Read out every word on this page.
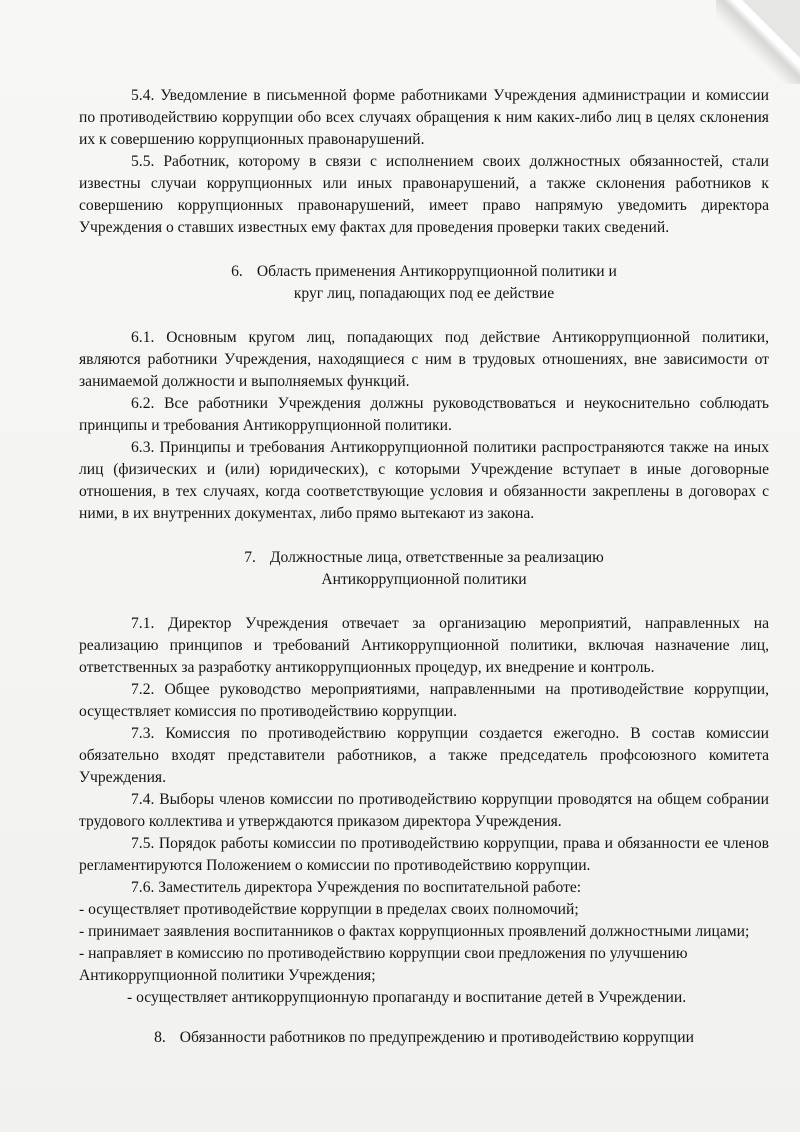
5.4. Уведомление в письменной форме работниками Учреждения администрации и комиссии по противодействию коррупции обо всех случаях обращения к ним каких-либо лиц в целях склонения их к совершению коррупционных правонарушений.

5.5. Работник, которому в связи с исполнением своих должностных обязанностей, стали известны случаи коррупционных или иных правонарушений, а также склонения работников к совершению коррупционных правонарушений, имеет право напрямую уведомить директора Учреждения о ставших известных ему фактах для проведения проверки таких сведений.

6. Область применения Антикоррупционной политики и
круг лиц, попадающих под ее действие

6.1. Основным кругом лиц, попадающих под действие Антикоррупционной политики, являются работники Учреждения, находящиеся с ним в трудовых отношениях, вне зависимости от занимаемой должности и выполняемых функций.

6.2. Все работники Учреждения должны руководствоваться и неукоснительно соблюдать принципы и требования Антикоррупционной политики.

6.3. Принципы и требования Антикоррупционной политики распространяются также на иных лиц (физических и (или) юридических), с которыми Учреждение вступает в иные договорные отношения, в тех случаях, когда соответствующие условия и обязанности закреплены в договорах с ними, в их внутренних документах, либо прямо вытекают из закона.

7. Должностные лица, ответственные за реализацию
Антикоррупционной политики

7.1. Директор Учреждения отвечает за организацию мероприятий, направленных на реализацию принципов и требований Антикоррупционной политики, включая назначение лиц, ответственных за разработку антикоррупционных процедур, их внедрение и контроль.

7.2. Общее руководство мероприятиями, направленными на противодействие коррупции, осуществляет комиссия по противодействию коррупции.

7.3. Комиссия по противодействию коррупции создается ежегодно. В состав комиссии обязательно входят представители работников, а также председатель профсоюзного комитета Учреждения.

7.4. Выборы членов комиссии по противодействию коррупции проводятся на общем собрании трудового коллектива и утверждаются приказом директора Учреждения.

7.5. Порядок работы комиссии по противодействию коррупции, права и обязанности ее членов регламентируются Положением о комиссии по противодействию коррупции.

7.6. Заместитель директора Учреждения по воспитательной работе:

- осуществляет противодействие коррупции в пределах своих полномочий;
- принимает заявления воспитанников о фактах коррупционных проявлений должностными лицами;
- направляет в комиссию по противодействию коррупции свои предложения по улучшению Антикоррупционной политики Учреждения;
- осуществляет антикоррупционную пропаганду и воспитание детей в Учреждении.
8. Обязанности работников по предупреждению и противодействию коррупции
